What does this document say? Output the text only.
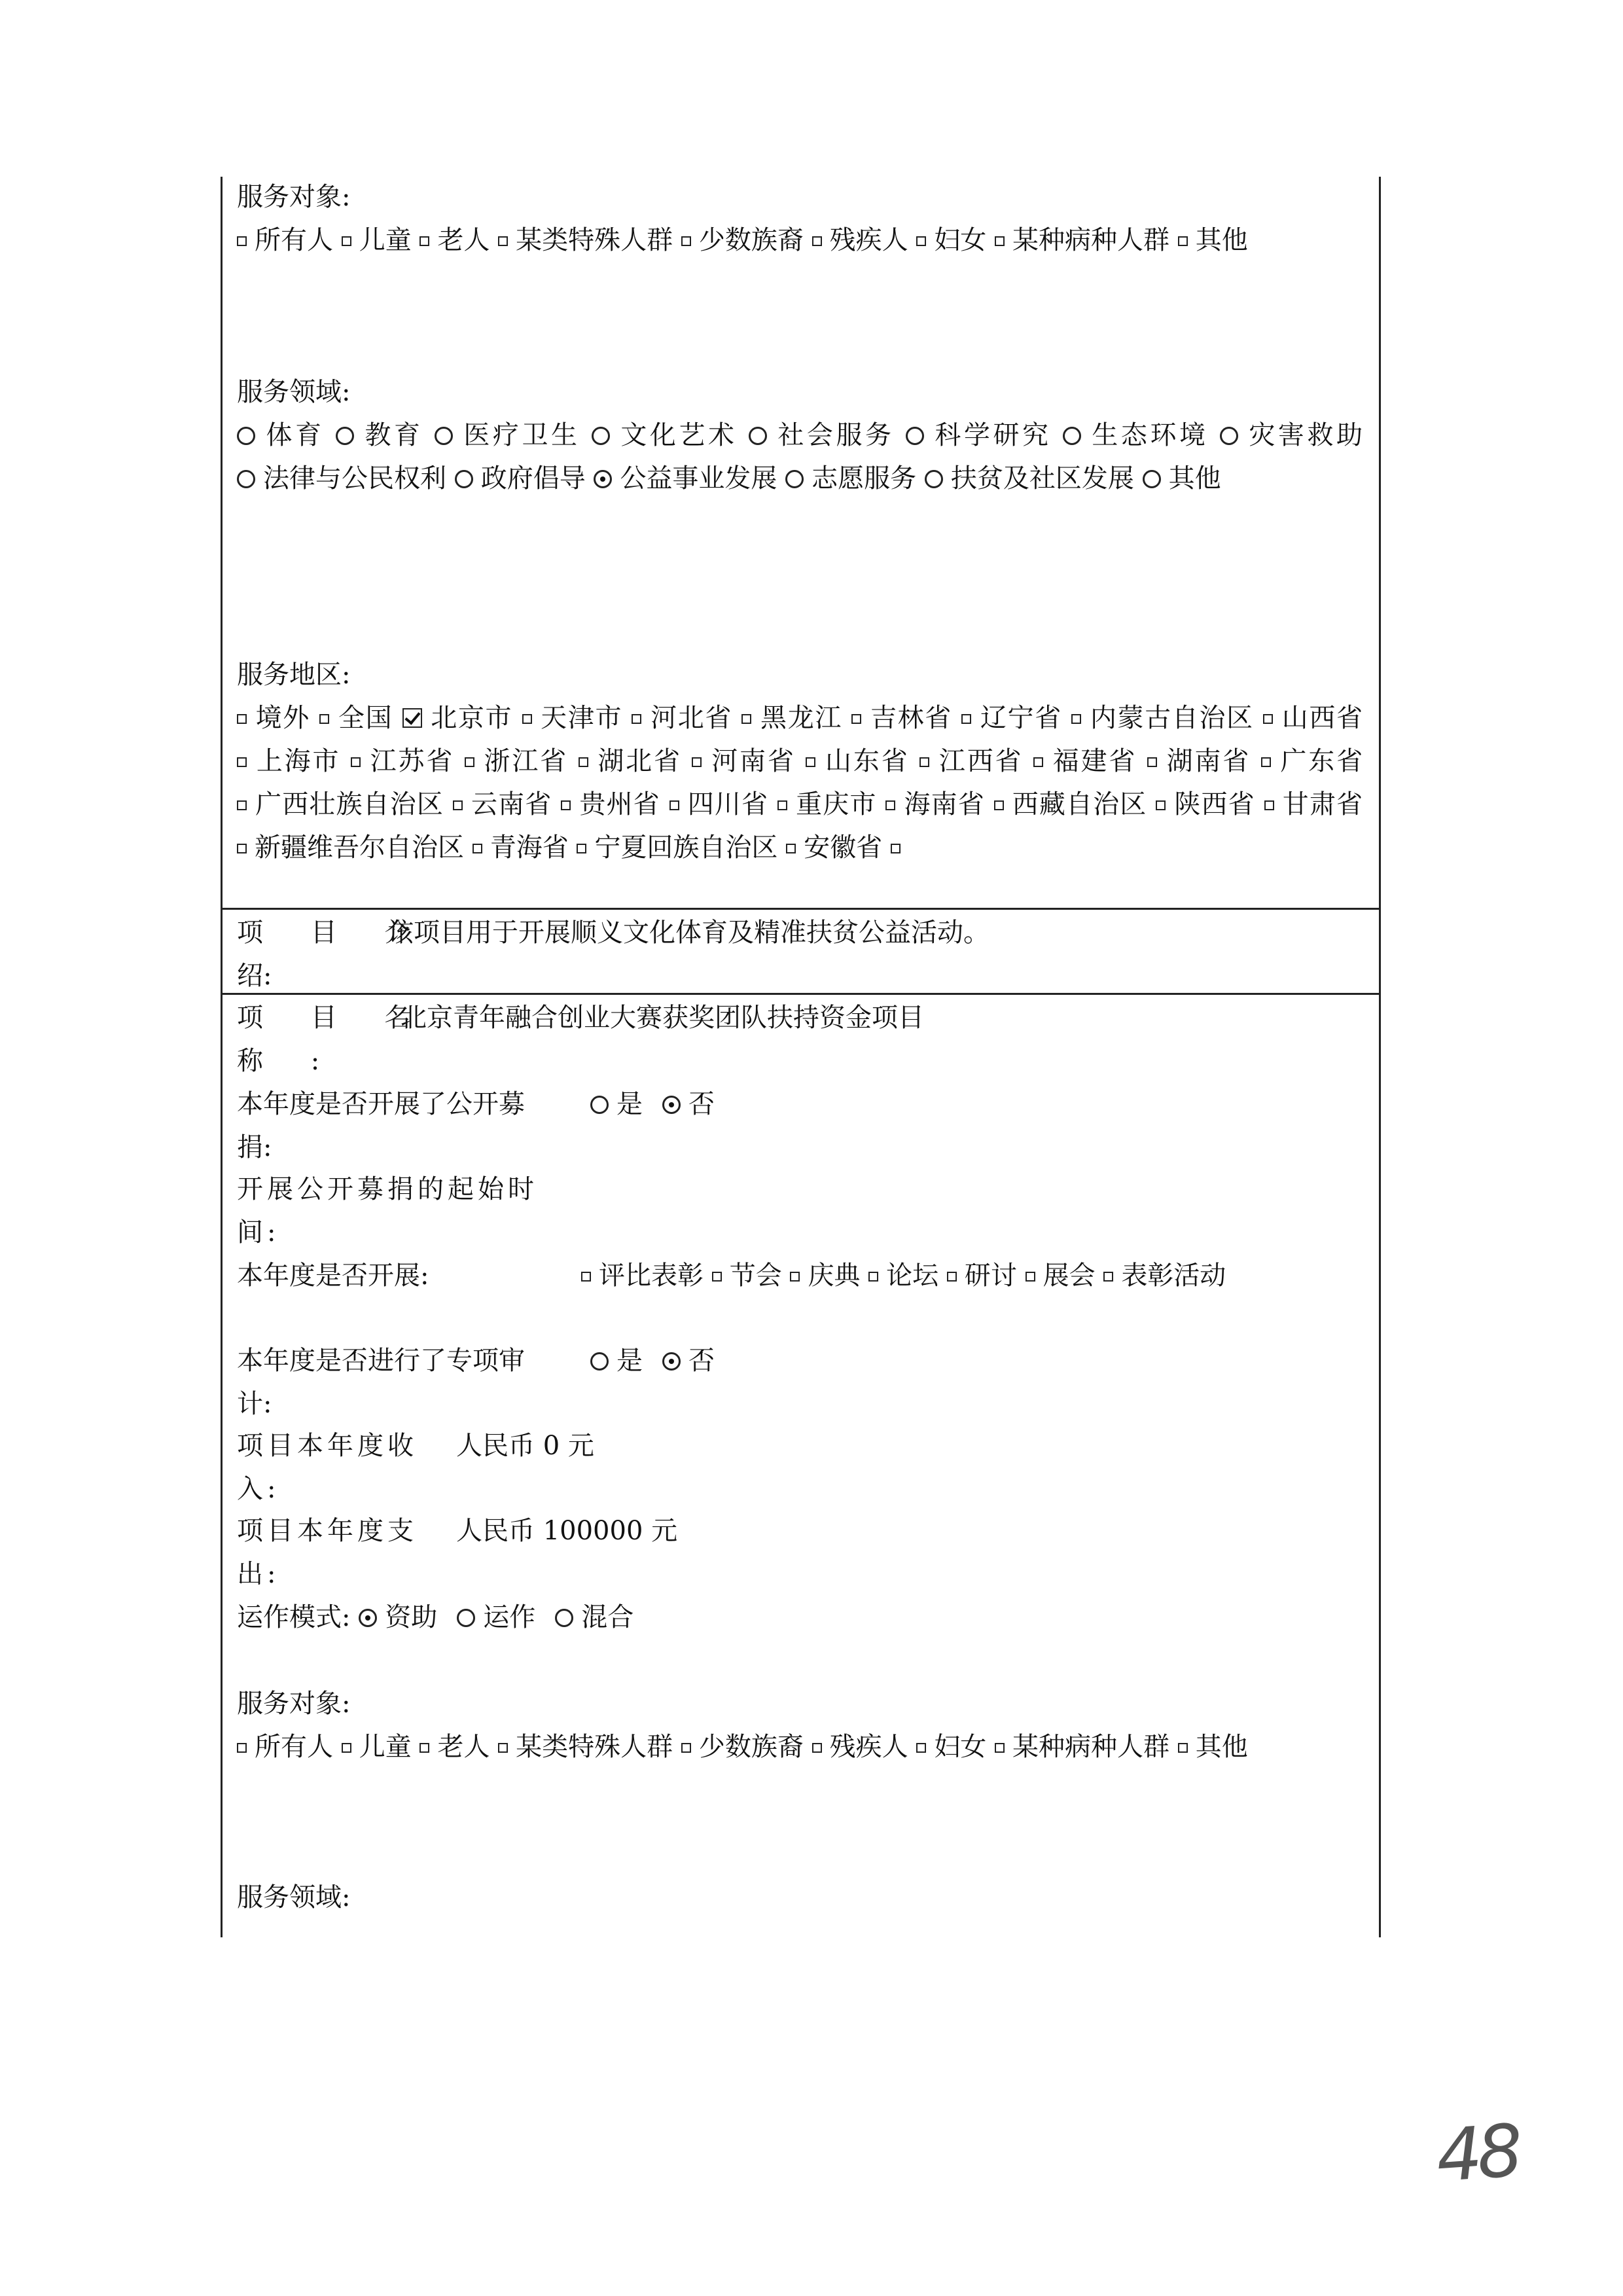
服务对象:
所有人 儿童 老人 某类特殊人群 少数族裔 残疾人 妇女 某种病种人群 其他
服务领域:
体育 教育 医疗卫生 文化艺术 社会服务 科学研究 生态环境 灾害救助 法律与公民权利 政府倡导 公益事业发展 志愿服务 扶贫及社区发展 其他
服务地区:
境外 全国 北京市 天津市 河北省 黑龙江 吉林省 辽宁省 内蒙古自治区 山西省 上海市 江苏省 浙江省 湖北省 河南省 山东省 江西省 福建省 湖南省 广东省 广西壮族自治区 云南省 贵州省 四川省 重庆市 海南省 西藏自治区 陕西省 甘肃省 新疆维吾尔自治区 青海省 宁夏回族自治区 安徽省
项 目 介
绍:
该项目用于开展顺义文化体育及精准扶贫公益活动。
项 目 名
称 :
北京青年融合创业大赛获奖团队扶持资金项目
本年度是否开展了公开募
捐:
是 否
开展公开募捐的起始时
间:
本年度是否开展:	评比表彰 节会 庆典 论坛 研讨 展会 表彰活动
本年度是否进行了专项审
计:
是 否
项目本年度收
入:
人民币 0 元
项目本年度支
出:
人民币 100000 元
运作模式: 资助 运作 混合
服务对象:
所有人 儿童 老人 某类特殊人群 少数族裔 残疾人 妇女 某种病种人群 其他
服务领域:
48
